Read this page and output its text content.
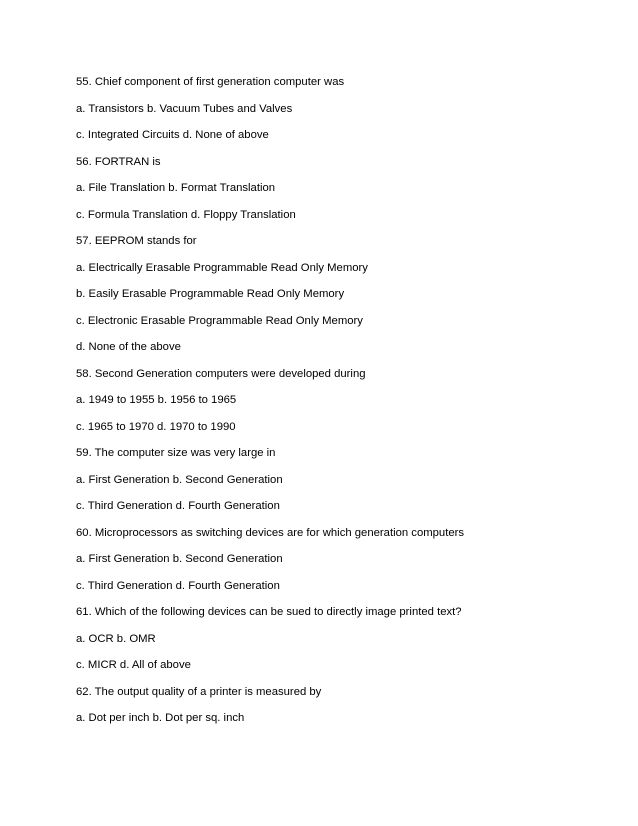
55. Chief component of first generation computer was
a. Transistors b. Vacuum Tubes and Valves
c. Integrated Circuits d. None of above
56. FORTRAN is
a. File Translation b. Format Translation
c. Formula Translation d. Floppy Translation
57. EEPROM stands for
a. Electrically Erasable Programmable Read Only Memory
b. Easily Erasable Programmable Read Only Memory
c. Electronic Erasable Programmable Read Only Memory
d. None of the above
58. Second Generation computers were developed during
a. 1949 to 1955 b. 1956 to 1965
c. 1965 to 1970 d. 1970 to 1990
59. The computer size was very large in
a. First Generation b. Second Generation
c. Third Generation d. Fourth Generation
60. Microprocessors as switching devices are for which generation computers
a. First Generation b. Second Generation
c. Third Generation d. Fourth Generation
61. Which of the following devices can be sued to directly image printed text?
a. OCR b. OMR
c. MICR d. All of above
62. The output quality of a printer is measured by
a. Dot per inch b. Dot per sq. inch
